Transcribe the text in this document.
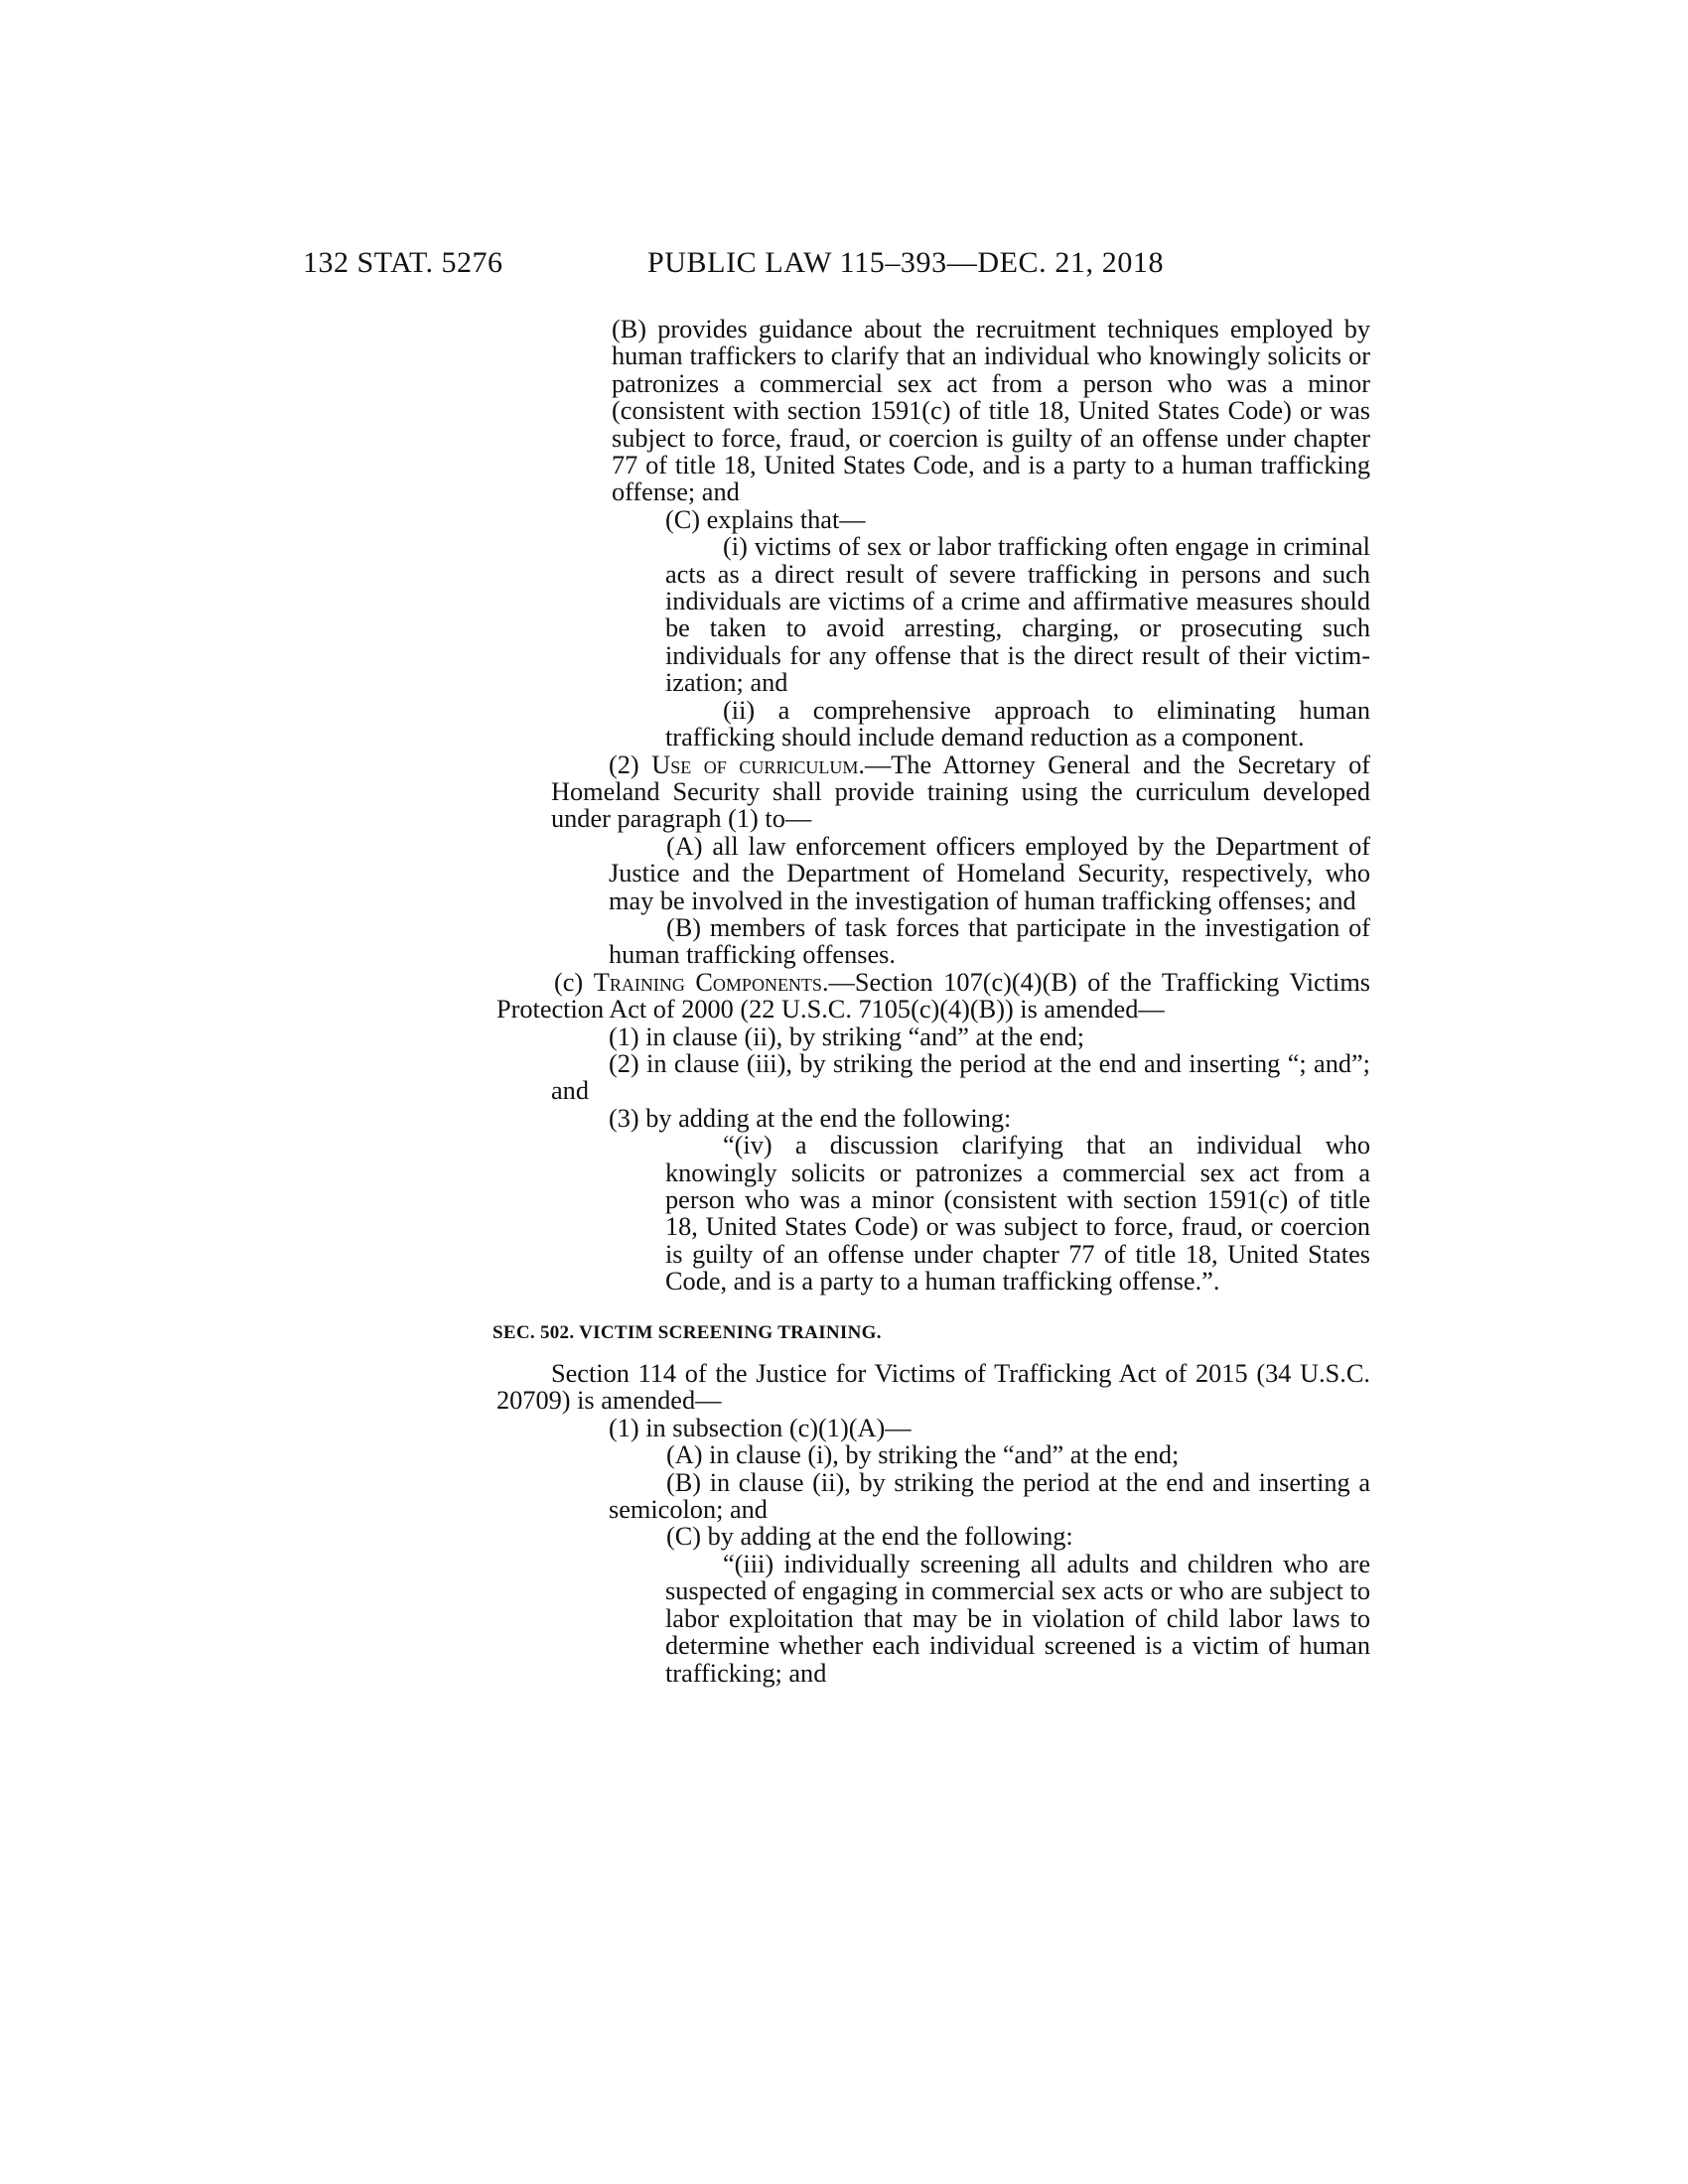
132 STAT. 5276	PUBLIC LAW 115–393—DEC. 21, 2018

(B) provides guidance about the recruitment techniques employed by human traffickers to clarify that an individual who knowingly solicits or patronizes a commercial sex act from a person who was a minor (consistent with section 1591(c) of title 18, United States Code) or was subject to force, fraud, or coercion is guilty of an offense under chapter 77 of title 18, United States Code, and is a party to a human trafficking offense; and

(C) explains that—

(i) victims of sex or labor trafficking often engage in criminal acts as a direct result of severe trafficking in persons and such individuals are victims of a crime and affirmative measures should be taken to avoid arresting, charging, or prosecuting such individuals for any offense that is the direct result of their victimization; and

(ii) a comprehensive approach to eliminating human trafficking should include demand reduction as a component.

(2) Use of curriculum.—The Attorney General and the Secretary of Homeland Security shall provide training using the curriculum developed under paragraph (1) to—

(A) all law enforcement officers employed by the Department of Justice and the Department of Homeland Security, respectively, who may be involved in the investigation of human trafficking offenses; and

(B) members of task forces that participate in the investigation of human trafficking offenses.

(c) Training Components.—Section 107(c)(4)(B) of the Trafficking Victims Protection Act of 2000 (22 U.S.C. 7105(c)(4)(B)) is amended—

(1) in clause (ii), by striking “and” at the end;

(2) in clause (iii), by striking the period at the end and inserting “; and”; and

(3) by adding at the end the following:

“(iv) a discussion clarifying that an individual who knowingly solicits or patronizes a commercial sex act from a person who was a minor (consistent with section 1591(c) of title 18, United States Code) or was subject to force, fraud, or coercion is guilty of an offense under chapter 77 of title 18, United States Code, and is a party to a human trafficking offense.”.

SEC. 502. VICTIM SCREENING TRAINING.

Section 114 of the Justice for Victims of Trafficking Act of 2015 (34 U.S.C. 20709) is amended—

(1) in subsection (c)(1)(A)—

(A) in clause (i), by striking the “and” at the end;

(B) in clause (ii), by striking the period at the end and inserting a semicolon; and

(C) by adding at the end the following:

“(iii) individually screening all adults and children who are suspected of engaging in commercial sex acts or who are subject to labor exploitation that may be in violation of child labor laws to determine whether each individual screened is a victim of human trafficking; and
